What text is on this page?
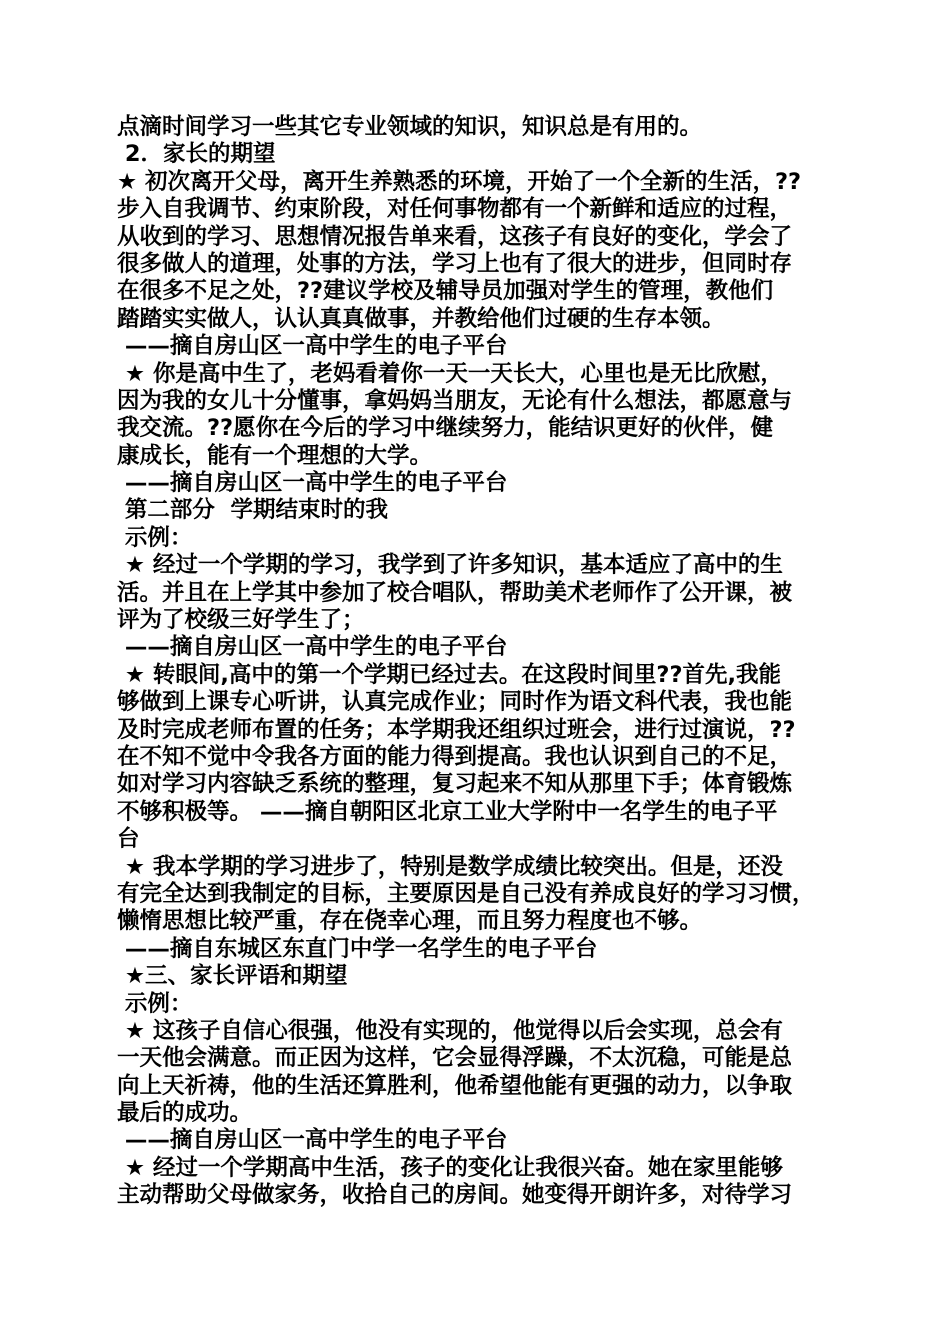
点滴时间学习一些其它专业领域的知识，知识总是有用的。
2．家长的期望
★ 初次离开父母，离开生养熟悉的环境，开始了一个全新的生活，??
步入自我调节、约束阶段，对任何事物都有一个新鲜和适应的过程，
从收到的学习、思想情况报告单来看，这孩子有良好的变化，学会了
很多做人的道理，处事的方法，学习上也有了很大的进步，但同时存
在很多不足之处，??建议学校及辅导员加强对学生的管理，教他们
踏踏实实做人，认认真真做事，并教给他们过硬的生存本领。
——摘自房山区一高中学生的电子平台
★ 你是高中生了，老妈看着你一天一天长大，心里也是无比欣慰，
因为我的女儿十分懂事，拿妈妈当朋友，无论有什么想法，都愿意与
我交流。??愿你在今后的学习中继续努力，能结识更好的伙伴，健
康成长，能有一个理想的大学。
——摘自房山区一高中学生的电子平台
第二部分  学期结束时的我
示例：
★ 经过一个学期的学习，我学到了许多知识，基本适应了高中的生
活。并且在上学其中参加了校合唱队，帮助美术老师作了公开课，被
评为了校级三好学生了；
——摘自房山区一高中学生的电子平台
★ 转眼间,高中的第一个学期已经过去。在这段时间里??首先,我能
够做到上课专心听讲，认真完成作业；同时作为语文科代表，我也能
及时完成老师布置的任务；本学期我还组织过班会，进行过演说，??
在不知不觉中令我各方面的能力得到提高。我也认识到自己的不足，
如对学习内容缺乏系统的整理，复习起来不知从那里下手；体育锻炼
不够积极等。 ——摘自朝阳区北京工业大学附中一名学生的电子平
台
★ 我本学期的学习进步了，特别是数学成绩比较突出。但是，还没
有完全达到我制定的目标，主要原因是自己没有养成良好的学习习惯，
懒惰思想比较严重，存在侥幸心理，而且努力程度也不够。
——摘自东城区东直门中学一名学生的电子平台
★三、家长评语和期望
示例：
★ 这孩子自信心很强，他没有实现的，他觉得以后会实现，总会有
一天他会满意。而正因为这样，它会显得浮躁，不太沉稳，可能是总
向上天祈祷，他的生活还算胜利，他希望他能有更强的动力，以争取
最后的成功。
——摘自房山区一高中学生的电子平台
★ 经过一个学期高中生活，孩子的变化让我很兴奋。她在家里能够
主动帮助父母做家务，收拾自己的房间。她变得开朗许多，对待学习
